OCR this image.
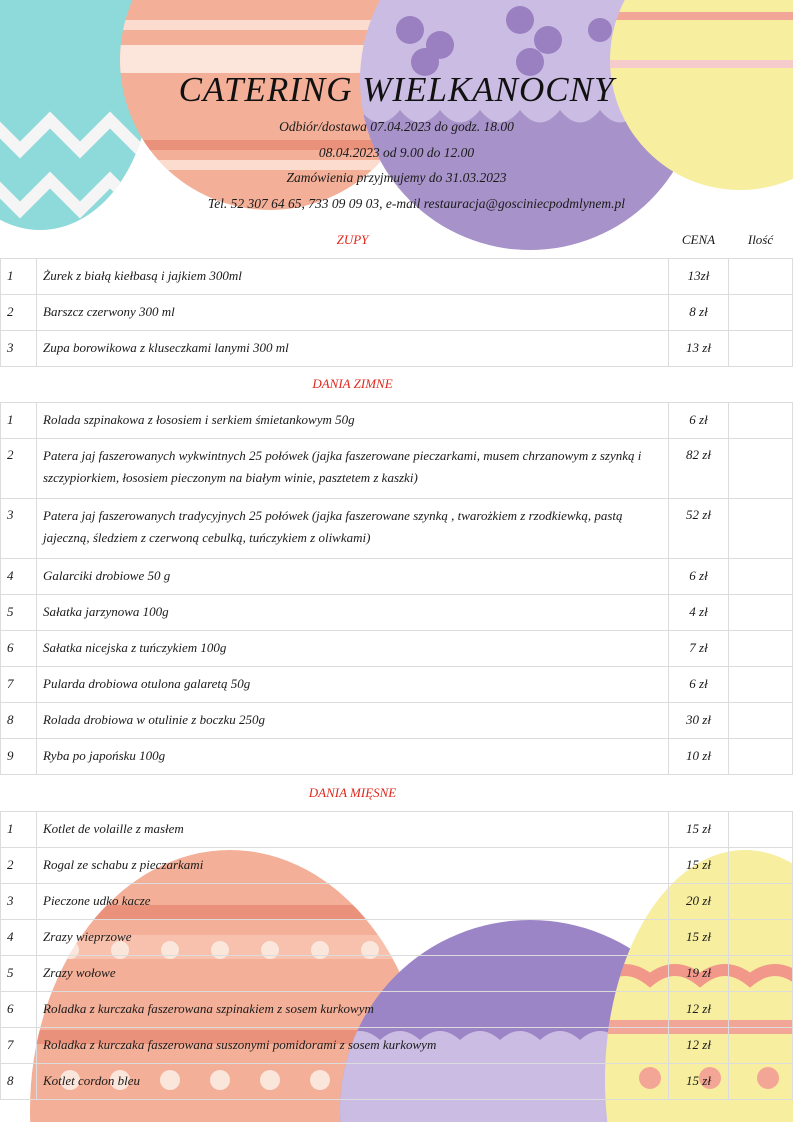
CATERING WIELKANOCNY
Odbiór/dostawa 07.04.2023 do godz. 18.00
08.04.2023 od 9.00 do 12.00
Zamówienia przyjmujemy do 31.03.2023
Tel. 52 307 64 65, 733 09 09 03, e-mail restauracja@gosciniecpodmlynem.pl
	ZUPY	CENA	Ilość
1	Żurek z białą kiełbasą i jajkiem 300ml	13zł	
2	Barszcz czerwony 300 ml	8 zł	
3	Zupa borowikowa z kluseczkami lanymi 300 ml	13 zł	
	DANIA ZIMNE		
1	Rolada szpinakowa z łososiem i serkiem śmietankowym 50g	6 zł	
2	Patera jaj faszerowanych wykwintnych 25 połówek (jajka faszerowane pieczarkami, musem chrzanowym z szynką i szczypiorkiem, łososiem pieczonym na białym winie, pasztetem z kaszki)	82 zł	
3	Patera jaj faszerowanych tradycyjnych 25 połówek (jajka faszerowane szynką , twarożkiem z rzodkiewką, pastą jajeczną, śledziem z czerwoną cebulką, tuńczykiem z oliwkami)	52 zł	
4	Galarciki drobiowe 50 g	6 zł	
5	Sałatka jarzynowa 100g	4 zł	
6	Sałatka nicejska z tuńczykiem 100g	7 zł	
7	Pularda drobiowa otulona galaretą 50g	6 zł	
8	Rolada drobiowa w otulinie z boczku 250g	30 zł	
9	Ryba po japońsku 100g	10 zł	
	DANIA MIĘSNE		
1	Kotlet de volaille z masłem	15 zł	
2	Rogal ze schabu z pieczarkami	15 zł	
3	Pieczone udko kacze	20 zł	
4	Zrazy wieprzowe	15 zł	
5	Zrazy wołowe	19 zł	
6	Roladka z kurczaka faszerowana szpinakiem z sosem kurkowym	12 zł	
7	Roladka z kurczaka faszerowana suszonymi pomidorami z sosem kurkowym	12 zł	
8	Kotlet cordon bleu	15 zł	
